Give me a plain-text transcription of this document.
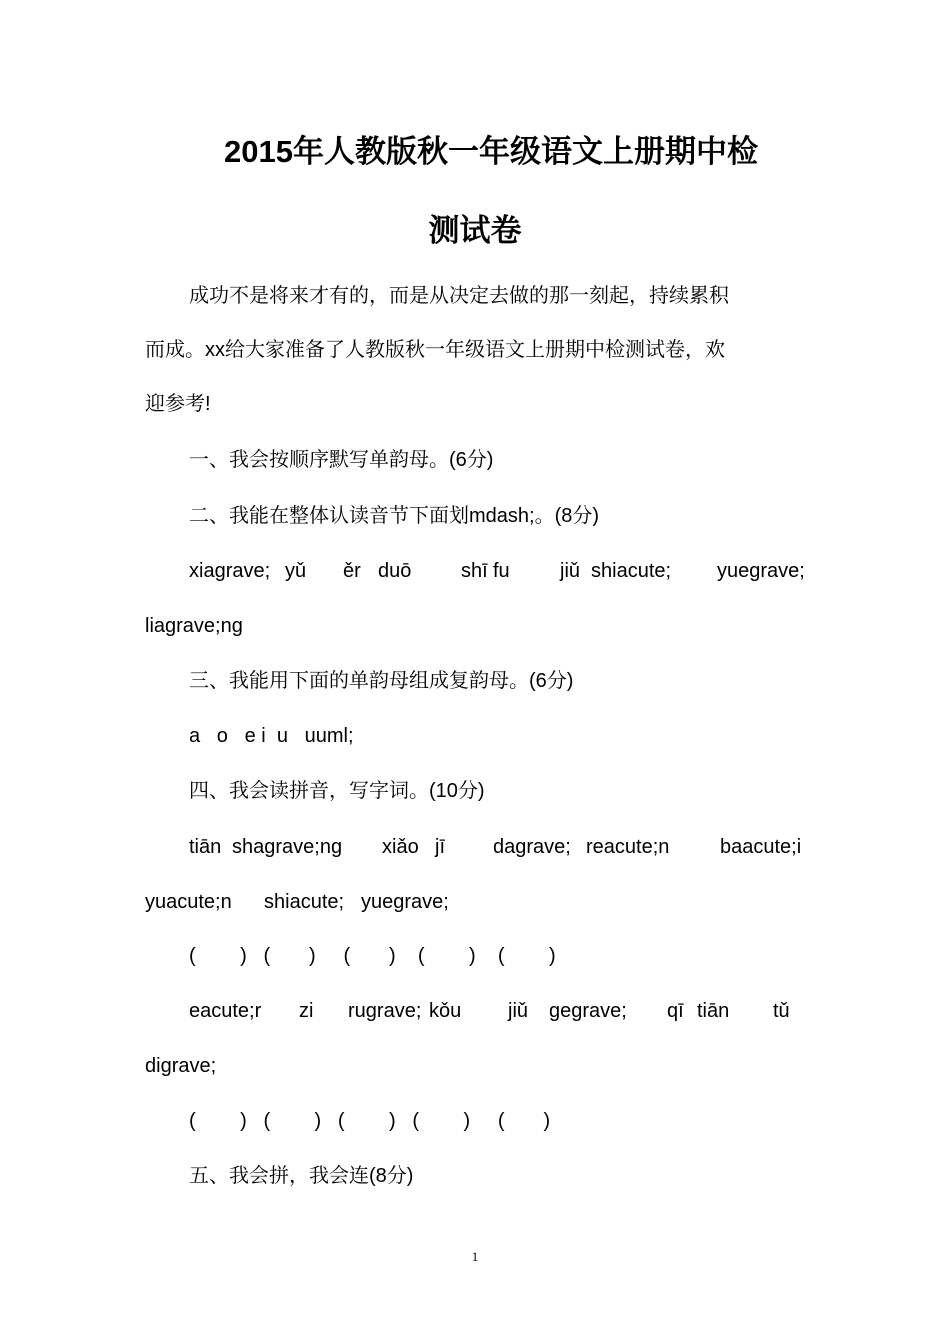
2015年人教版秋一年级语文上册期中检
测试卷
成功不是将来才有的，而是从决定去做的那一刻起，持续累积
而成。xx给大家准备了人教版秋一年级语文上册期中检测试卷，欢
迎参考!
一、我会按顺序默写单韵母。(6分)
二、我能在整体认读音节下面划mdash;。(8分)
xiagrave; yǔ	ěr duō	shī fu	jiǔ shiacute;	yuegrave;
liagrave;ng
三、我能用下面的单韵母组成复韵母。(6分)
a   o   e i  u   uuml;
四、我会读拼音，写字词。(10分)
tiān shagrave;ng	xiǎo jī	dagrave; reacute;n	baacute;i
yuacute;n	shiacute; yuegrave;
(        )   (       )     (       )    (        )    (        )
eacute;r	zi	rugrave; kǒu	jiǔ	gegrave;	qī tiān	tǔ
digrave;
(        )   (        )   (        )   (        )     (       )
五、我会拼，我会连(8分)
1
